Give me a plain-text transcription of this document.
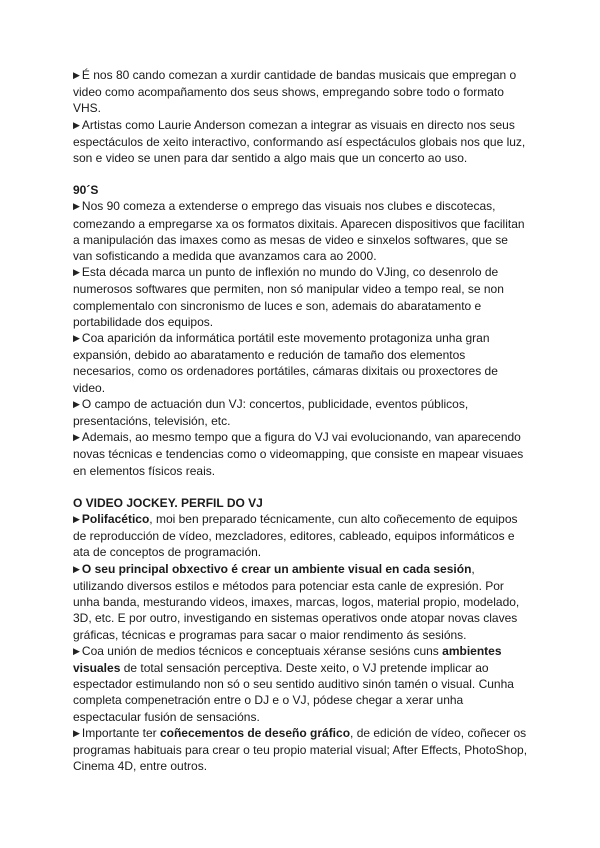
▶ É nos 80 cando comezan a xurdir cantidade de bandas musicais que empregan o video como acompañamento dos seus shows, empregando sobre todo o formato VHS.

▶ Artistas como Laurie Anderson comezan a integrar as visuais en directo nos seus espectáculos de xeito interactivo, conformando así espectáculos globais nos que luz, son e video se unen para dar sentido a algo mais que un concerto ao uso.

90´S

▶ Nos 90 comeza a extenderse o emprego das visuais nos clubes e discotecas, comezando a empregarse xa os formatos dixitais. Aparecen dispositivos que facilitan a manipulación das imaxes como as mesas de video e sinxelos softwares, que se van sofisticando a medida que avanzamos cara ao 2000.

▶ Esta década marca un punto de inflexión no mundo do VJing, co desenrolo de numerosos softwares que permiten, non só manipular video a tempo real, se non complementalo con sincronismo de luces e son, ademais do abaratamento e portabilidade dos equipos.

▶ Coa aparición da informática portátil este movemento protagoniza unha gran expansión, debido ao abaratamento e redución de tamaño dos elementos necesarios, como os ordenadores portátiles, cámaras dixitais ou proxectores de video.

▶ O campo de actuación dun VJ: concertos, publicidade, eventos públicos, presentacións, televisión, etc.

▶ Ademais, ao mesmo tempo que a figura do VJ vai evolucionando, van aparecendo novas técnicas e tendencias como o videomapping, que consiste en mapear visuaes en elementos físicos reais.

O VIDEO JOCKEY. PERFIL DO VJ

▶ Polifacético, moi ben preparado técnicamente, cun alto coñecemento de equipos de reproducción de vídeo, mezcladores, editores, cableado, equipos informáticos e ata de conceptos de programación.

▶ O seu principal obxectivo é crear un ambiente visual en cada sesión, utilizando diversos estilos e métodos para potenciar esta canle de expresión. Por unha banda, mesturando videos, imaxes, marcas, logos, material propio, modelado, 3D, etc. E por outro, investigando en sistemas operativos onde atopar novas claves gráficas, técnicas e programas para sacar o maior rendimento ás sesións.

▶ Coa unión de medios técnicos e conceptuais xéranse sesións cuns ambientes visuales de total sensación perceptiva. Deste xeito, o VJ pretende implicar ao espectador estimulando non só o seu sentido auditivo sinón tamén o visual. Cunha completa compenetración entre o DJ e o VJ, pódese chegar a xerar unha espectacular fusión de sensacións.

▶ Importante ter coñecementos de deseño gráfico, de edición de vídeo, coñecer os programas habituais para crear o teu propio material visual; After Effects, PhotoShop, Cinema 4D, entre outros.
